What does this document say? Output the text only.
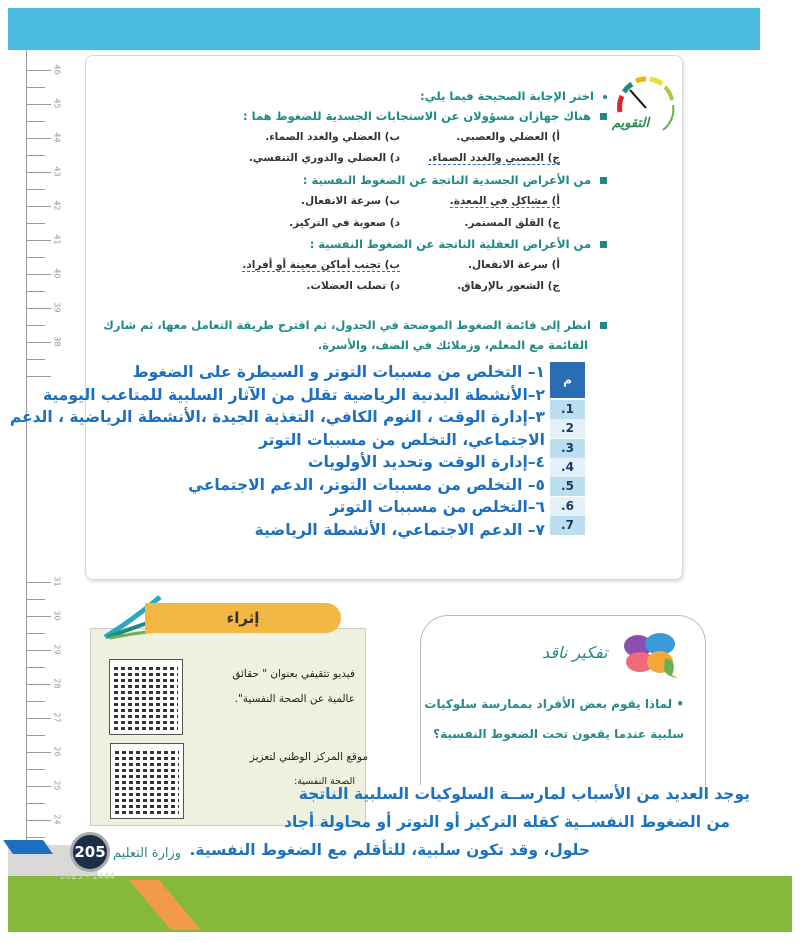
46
45
44
43
42
41
40
39
38
31
30
29
28
27
26
25
24
التقويم
اختر الإجابة الصحيحة فيما يلي:
هناك جهازان مسؤولان عن الاستجابات الجسدية للضغوط هما :
أ) العضلي والعصبي.
ب) العضلي والغدد الصماء.
ج) العصبي والغدد الصماء.
د) العضلي والدوري التنفسي.
من الأعراض الجسدية الناتجة عن الضغوط النفسية :
أ) مشاكل في المعدة.
ب) سرعة الانفعال.
ج) القلق المستمر.
د) صعوبة في التركيز.
من الأعراض العقلية الناتجة عن الضغوط النفسية :
أ) سرعة الانفعال.
ب) تجنب أماكن معينة أو أفراد.
ج) الشعور بالإرهاق.
د) تصلب العضلات.
انظر إلى قائمة الضغوط الموضحة في الجدول، ثم اقترح طريقة التعامل معها، ثم شارك
القائمة مع المعلم، وزملائك في الصف، والأسرة.
م
.1
.2
.3
.4
.5
.6
.7
١– التخلص من مسببات التوتر و السيطرة على الضغوط
٢–الأنشطة البدنية الرياضية تقلل من الآثار السلبية للمتاعب اليومية
٣–إدارة الوقت ، النوم الكافي، التغذية الجيدة ،الأنشطة الرياضية ، الدعم
الاجتماعي، التخلص من مسببات التوتر
٤–إدارة الوقت وتحديد الأولويات
٥– التخلص من مسببات التوتر، الدعم الاجتماعي
٦–التخلص من مسببات التوتر
٧– الدعم الاجتماعي، الأنشطة الرياضية
إثراء
فيديو تثقيفي بعنوان " حقائق
عالمية عن الصحة النفسية".
موقع المركز الوطني لتعزيز
الصحة النفسية:
تفكير ناقد
• لماذا يقوم بعض الأفراد بممارسة سلوكيات
سلبية عندما يقعون تحت الضغوط النفسية؟
يوجد العديد من الأسباب لمارســة السلوكيات السلبية الناتجة
من الضغوط النفســية كقلة التركيز أو التوتر أو محاولة أجاد
حلول، وقد تكون سلبية، للتأقلم مع الضغوط النفسية.
205 وزارة التعليم
2023 - 1444
